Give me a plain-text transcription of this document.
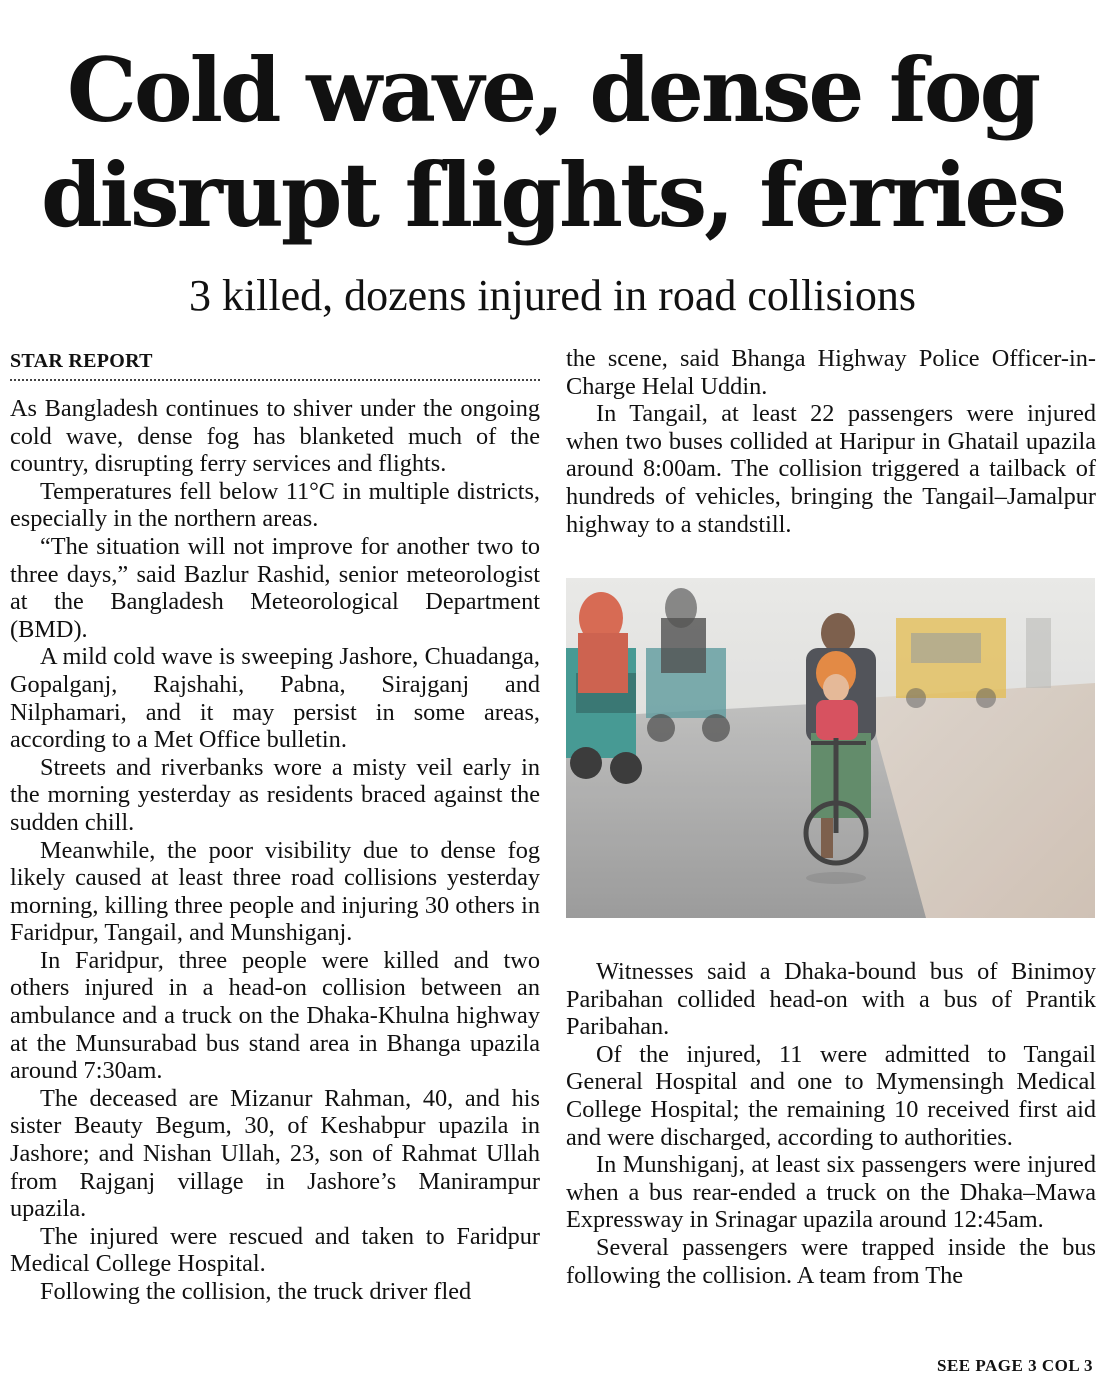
Cold wave, dense fog
disrupt flights, ferries
3 killed, dozens injured in road collisions
STAR REPORT

As Bangladesh continues to shiver under the ongoing cold wave, dense fog has blanketed much of the country, disrupting ferry services and flights.

Temperatures fell below 11°C in multiple districts, especially in the northern areas.

“The situation will not improve for another two to three days,” said Bazlur Rashid, senior meteorologist at the Bangladesh Meteorological Department (BMD).

A mild cold wave is sweeping Jashore, Chuadanga, Gopalganj, Rajshahi, Pabna, Sirajganj and Nilphamari, and it may persist in some areas, according to a Met Office bulletin.

Streets and riverbanks wore a misty veil early in the morning yesterday as residents braced against the sudden chill.

Meanwhile, the poor visibility due to dense fog likely caused at least three road collisions yesterday morning, killing three people and injuring 30 others in Faridpur, Tangail, and Munshiganj.

In Faridpur, three people were killed and two others injured in a head-on collision between an ambulance and a truck on the Dhaka-Khulna highway at the Munsurabad bus stand area in Bhanga upazila around 7:30am.

The deceased are Mizanur Rahman, 40, and his sister Beauty Begum, 30, of Keshabpur upazila in Jashore; and Nishan Ullah, 23, son of Rahmat Ullah from Rajganj village in Jashore’s Manirampur upazila.

The injured were rescued and taken to Faridpur Medical College Hospital.

Following the collision, the truck driver fled

the scene, said Bhanga Highway Police Officer-in-Charge Helal Uddin.

In Tangail, at least 22 passengers were injured when two buses collided at Haripur in Ghatail upazila around 8:00am. The collision triggered a tailback of hundreds of vehicles, bringing the Tangail–Jamalpur highway to a standstill.

Witnesses said a Dhaka-bound bus of Binimoy Paribahan collided head-on with a bus of Prantik Paribahan.

Of the injured, 11 were admitted to Tangail General Hospital and one to Mymensingh Medical College Hospital; the remaining 10 received first aid and were discharged, according to authorities.

In Munshiganj, at least six passengers were injured when a bus rear-ended a truck on the Dhaka–Mawa Expressway in Srinagar upazila around 12:45am.

Several passengers were trapped inside the bus following the collision. A team from The

SEE PAGE 3 COL 3
